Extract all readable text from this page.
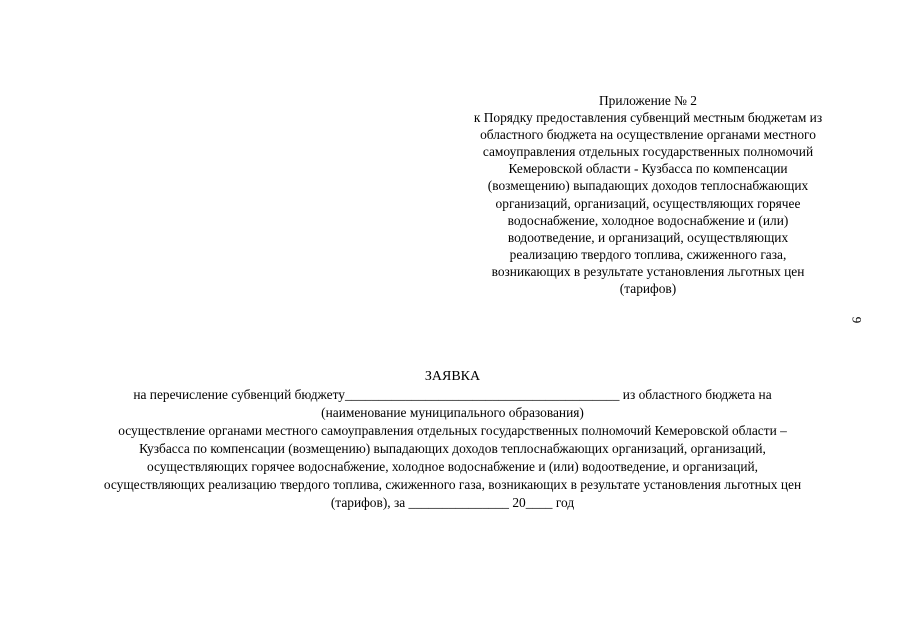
Приложение № 2
к Порядку предоставления субвенций местным бюджетам из
областного бюджета на осуществление органами местного
самоуправления отдельных государственных полномочий
Кемеровской области - Кузбасса по компенсации
(возмещению) выпадающих доходов теплоснабжающих
организаций, организаций, осуществляющих горячее
водоснабжение, холодное водоснабжение и (или)
водоотведение, и организаций, осуществляющих
реализацию твердого топлива, сжиженного газа,
возникающих в результате установления льготных цен
(тарифов)
9
ЗАЯВКА
на перечисление субвенций бюджету_________________________________________ из областного бюджета на
(наименование муниципального образования)
осуществление органами местного самоуправления отдельных государственных полномочий Кемеровской области –
Кузбасса по компенсации (возмещению) выпадающих доходов теплоснабжающих организаций, организаций,
осуществляющих горячее водоснабжение, холодное водоснабжение и (или) водоотведение, и организаций,
осуществляющих реализацию твердого топлива, сжиженного газа, возникающих в результате установления льготных цен
(тарифов), за _______________ 20____ год
